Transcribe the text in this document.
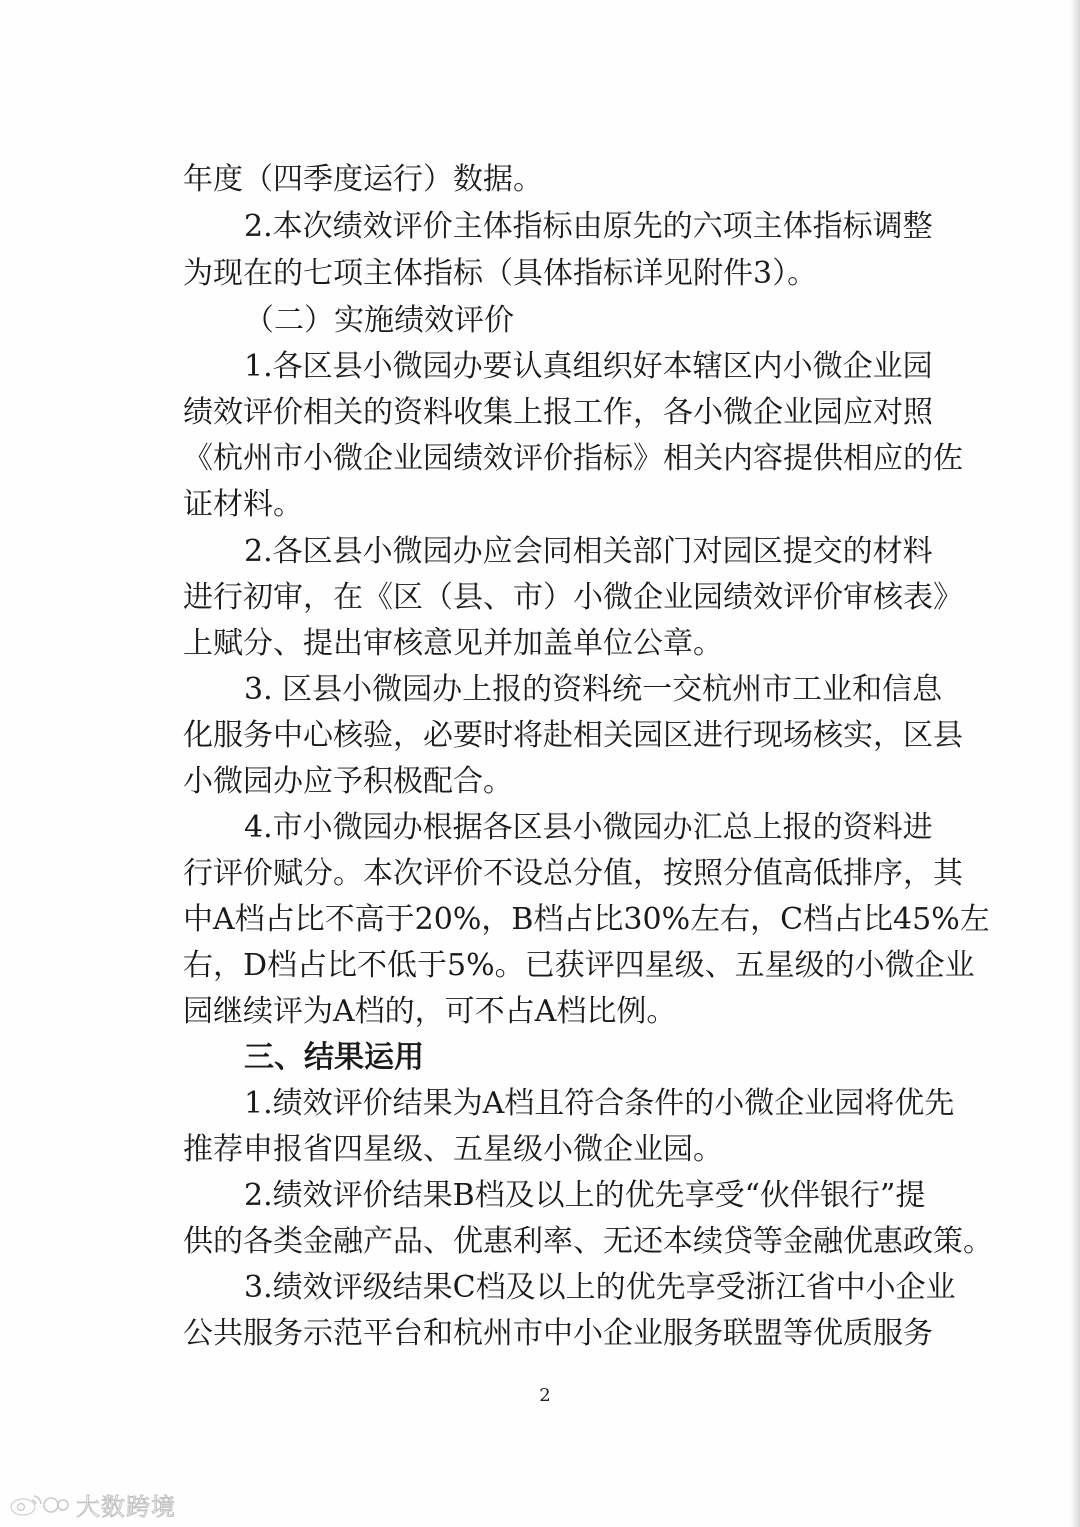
年度（四季度运行）数据。
2.本次绩效评价主体指标由原先的六项主体指标调整
为现在的七项主体指标（具体指标详见附件3）。
（二）实施绩效评价
1.各区县小微园办要认真组织好本辖区内小微企业园
绩效评价相关的资料收集上报工作，各小微企业园应对照
《杭州市小微企业园绩效评价指标》相关内容提供相应的佐
证材料。
2.各区县小微园办应会同相关部门对园区提交的材料
进行初审，在《区（县、市）小微企业园绩效评价审核表》
上赋分、提出审核意见并加盖单位公章。
3. 区县小微园办上报的资料统一交杭州市工业和信息
化服务中心核验，必要时将赴相关园区进行现场核实，区县
小微园办应予积极配合。
4.市小微园办根据各区县小微园办汇总上报的资料进
行评价赋分。本次评价不设总分值，按照分值高低排序，其
中A档占比不高于20%，B档占比30%左右，C档占比45%左
右，D档占比不低于5%。已获评四星级、五星级的小微企业
园继续评为A档的，可不占A档比例。
三、结果运用
1.绩效评价结果为A档且符合条件的小微企业园将优先
推荐申报省四星级、五星级小微企业园。
2.绩效评价结果B档及以上的优先享受“伙伴银行”提
供的各类金融产品、优惠利率、无还本续贷等金融优惠政策。
3.绩效评级结果C档及以上的优先享受浙江省中小企业
公共服务示范平台和杭州市中小企业服务联盟等优质服务
2
大数跨境
